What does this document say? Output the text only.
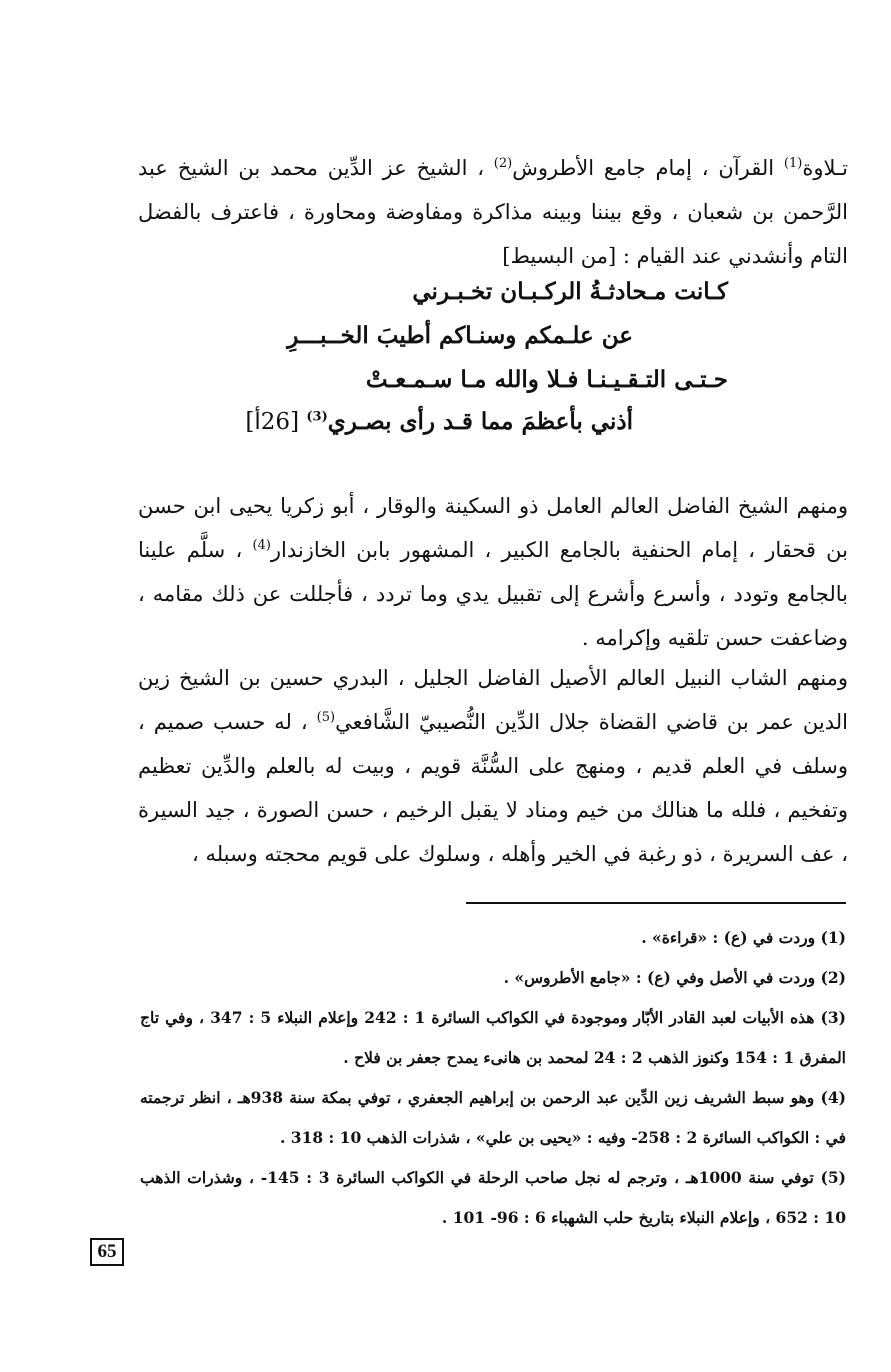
تـلاوة$^{(1)}$ القرآن ، إمام جامع الأطروش$^{(2)}$ ، الشيخ عز الدِّين محمد بن الشيخ عبد الرَّحمن بن شعبان ، وقع بيننا وبينه مذاكرة ومفاوضة ومحاورة ، فاعترف بالفضل التام وأنشدني عند القيام : [من البسيط]

كـانت مـحادثـةُ الركـبـان تخـبـرني

عن علـمكم وسنـاكم أطيبَ الخــبـــرِ

حـتـى التـقـيـنـا فـلا والله مـا سـمـعـتْ

أذني بأعظمَ مما قـد رأى بصـري$^{(3)}$ [26أ]

ومنهم الشيخ الفاضل العالم العامل ذو السكينة والوقار ، أبو زكريا يحيى ابن حسن بن قحقار ، إمام الحنفية بالجامع الكبير ، المشهور بابن الخازندار$^{(4)}$ ، سلَّم علينا بالجامع وتودد ، وأسرع وأشرع إلى تقبيل يدي وما تردد ، فأجللت عن ذلك مقامه ، وضاعفت حسن تلقيه وإكرامه .

ومنهم الشاب النبيل العالم الأصيل الفاضل الجليل ، البدري حسين بن الشيخ زين الدين عمر بن قاضي القضاة جلال الدِّين النُّصيبيّ الشَّافعي$^{(5)}$ ، له حسب صميم ، وسلف في العلم قديم ، ومنهج على السُّنَّة قويم ، وبيت له بالعلم والدِّين تعظيم وتفخيم ، فلله ما هنالك من خيم ومناد لا يقبل الرخيم ، حسن الصورة ، جيد السيرة ، عف السريرة ، ذو رغبة في الخير وأهله ، وسلوك على قويم محجته وسبله ،

(1) وردت في (ع) : «قراءة» .
(2) وردت في الأصل وفي (ع) : «جامع الأطروس» .
(3) هذه الأبيات لعبد القادر الأبّار وموجودة في الكواكب السائرة 1 : 242 وإعلام النبلاء 5 : 347 ، وفي تاج المفرق 1 : 154 وكنوز الذهب 2 : 24 لمحمد بن هانىء يمدح جعفر بن فلاح .
(4) وهو سبط الشريف زين الدِّين عبد الرحمن بن إبراهيم الجعفري ، توفي بمكة سنة 938هـ ، انظر ترجمته في : الكواكب السائرة 2 : 258- وفيه : «يحيى بن علي» ، شذرات الذهب 10 : 318 .
(5) توفي سنة 1000هـ ، وترجم له نجل صاحب الرحلة في الكواكب السائرة 3 : 145- ، وشذرات الذهب 10 : 652 ، وإعلام النبلاء بتاريخ حلب الشهباء 6 : 96- 101 .
65
